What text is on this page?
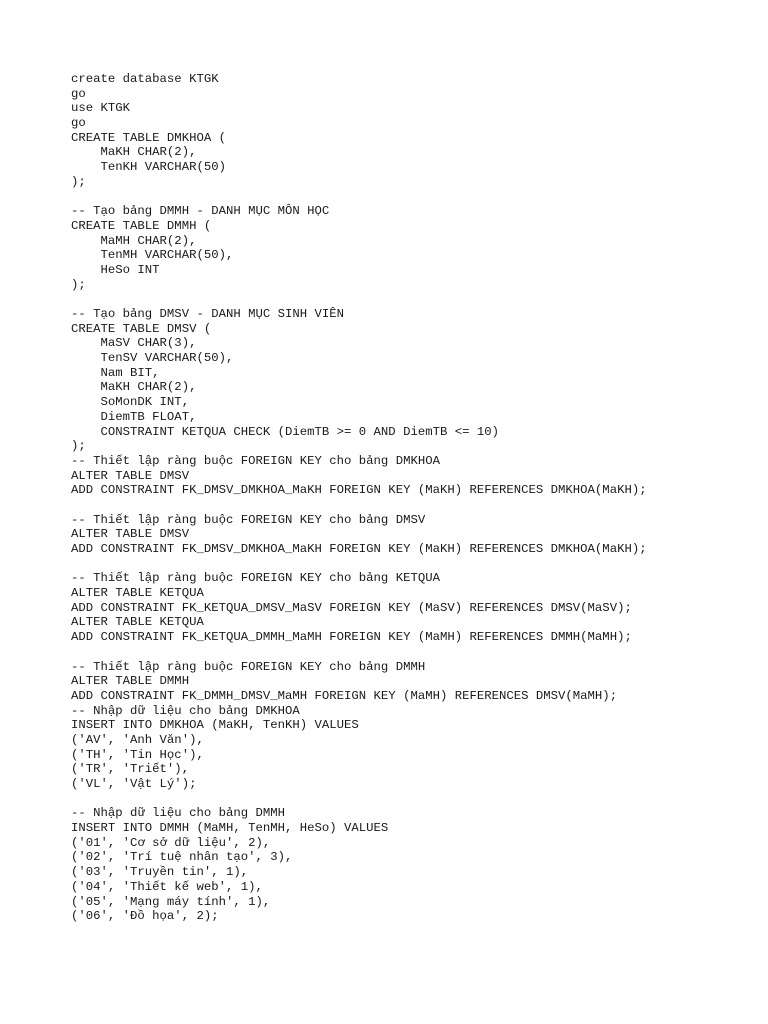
create database KTGK
go
use KTGK
go
CREATE TABLE DMKHOA (
MaKH CHAR(2),
TenKH VARCHAR(50)
);
-- Tạo bảng DMMH - DANH MỤC MÔN HỌC
CREATE TABLE DMMH (
MaMH CHAR(2),
TenMH VARCHAR(50),
HeSo INT
);
-- Tạo bảng DMSV - DANH MỤC SINH VIÊN
CREATE TABLE DMSV (
MaSV CHAR(3),
TenSV VARCHAR(50),
Nam BIT,
MaKH CHAR(2),
SoMonDK INT,
DiemTB FLOAT,
CONSTRAINT KETQUA CHECK (DiemTB >= 0 AND DiemTB <= 10)
);
-- Thiết lập ràng buộc FOREIGN KEY cho bảng DMKHOA
ALTER TABLE DMSV
ADD CONSTRAINT FK_DMSV_DMKHOA_MaKH FOREIGN KEY (MaKH) REFERENCES DMKHOA(MaKH);
-- Thiết lập ràng buộc FOREIGN KEY cho bảng DMSV
ALTER TABLE DMSV
ADD CONSTRAINT FK_DMSV_DMKHOA_MaKH FOREIGN KEY (MaKH) REFERENCES DMKHOA(MaKH);
-- Thiết lập ràng buộc FOREIGN KEY cho bảng KETQUA
ALTER TABLE KETQUA
ADD CONSTRAINT FK_KETQUA_DMSV_MaSV FOREIGN KEY (MaSV) REFERENCES DMSV(MaSV);
ALTER TABLE KETQUA
ADD CONSTRAINT FK_KETQUA_DMMH_MaMH FOREIGN KEY (MaMH) REFERENCES DMMH(MaMH);
-- Thiết lập ràng buộc FOREIGN KEY cho bảng DMMH
ALTER TABLE DMMH
ADD CONSTRAINT FK_DMMH_DMSV_MaMH FOREIGN KEY (MaMH) REFERENCES DMSV(MaMH);
-- Nhập dữ liệu cho bảng DMKHOA
INSERT INTO DMKHOA (MaKH, TenKH) VALUES
('AV', 'Anh Văn'),
('TH', 'Tin Học'),
('TR', 'Triết'),
('VL', 'Vật Lý');
-- Nhập dữ liệu cho bảng DMMH
INSERT INTO DMMH (MaMH, TenMH, HeSo) VALUES
('01', 'Cơ sở dữ liệu', 2),
('02', 'Trí tuệ nhân tạo', 3),
('03', 'Truyền tin', 1),
('04', 'Thiết kế web', 1),
('05', 'Mạng máy tính', 1),
('06', 'Đồ họa', 2);
